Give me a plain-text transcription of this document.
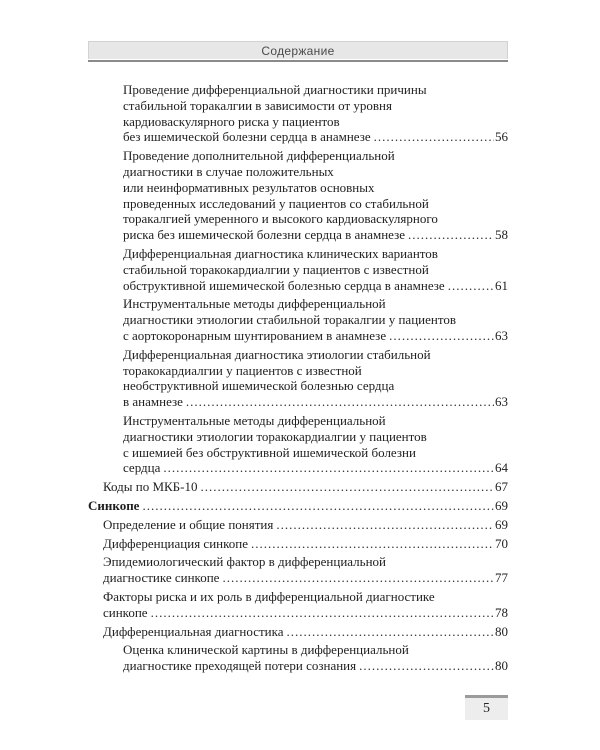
Содержание
Проведение дифференциальной диагностики причины
стабильной торакалгии в зависимости от уровня
кардиоваскулярного риска у пациентов
без ишемической болезни сердца в анамнезе .....	56
Проведение дополнительной дифференциальной
диагностики в случае положительных
или неинформативных результатов основных
проведенных исследований у пациентов со стабильной
торакалгией умеренного и высокого кардиоваскулярного
риска без ишемической болезни сердца в анамнезе .....	58
Дифференциальная диагностика клинических вариантов
стабильной торакокардиалгии у пациентов с известной
обструктивной ишемической болезнью сердца в анамнезе .....	61
Инструментальные методы дифференциальной
диагностики этиологии стабильной торакалгии у пациентов
с аортокоронарным шунтированием в анамнезе .....	63
Дифференциальная диагностика этиологии стабильной
торакокардиалгии у пациентов с известной
необструктивной ишемической болезнью сердца
в анамнезе .....	63
Инструментальные методы дифференциальной
диагностики этиологии торакокардиалгии у пациентов
с ишемией без обструктивной ишемической болезни
сердца .....	64
Коды по МКБ-10 .....	67
Синкопе .....	69
Определение и общие понятия .....	69
Дифференциация синкопе .....	70
Эпидемиологический фактор в дифференциальной
диагностике синкопе .....	77
Факторы риска и их роль в дифференциальной диагностике
синкопе .....	78
Дифференциальная диагностика .....	80
Оценка клинической картины в дифференциальной
диагностике преходящей потери сознания .....	80
5
